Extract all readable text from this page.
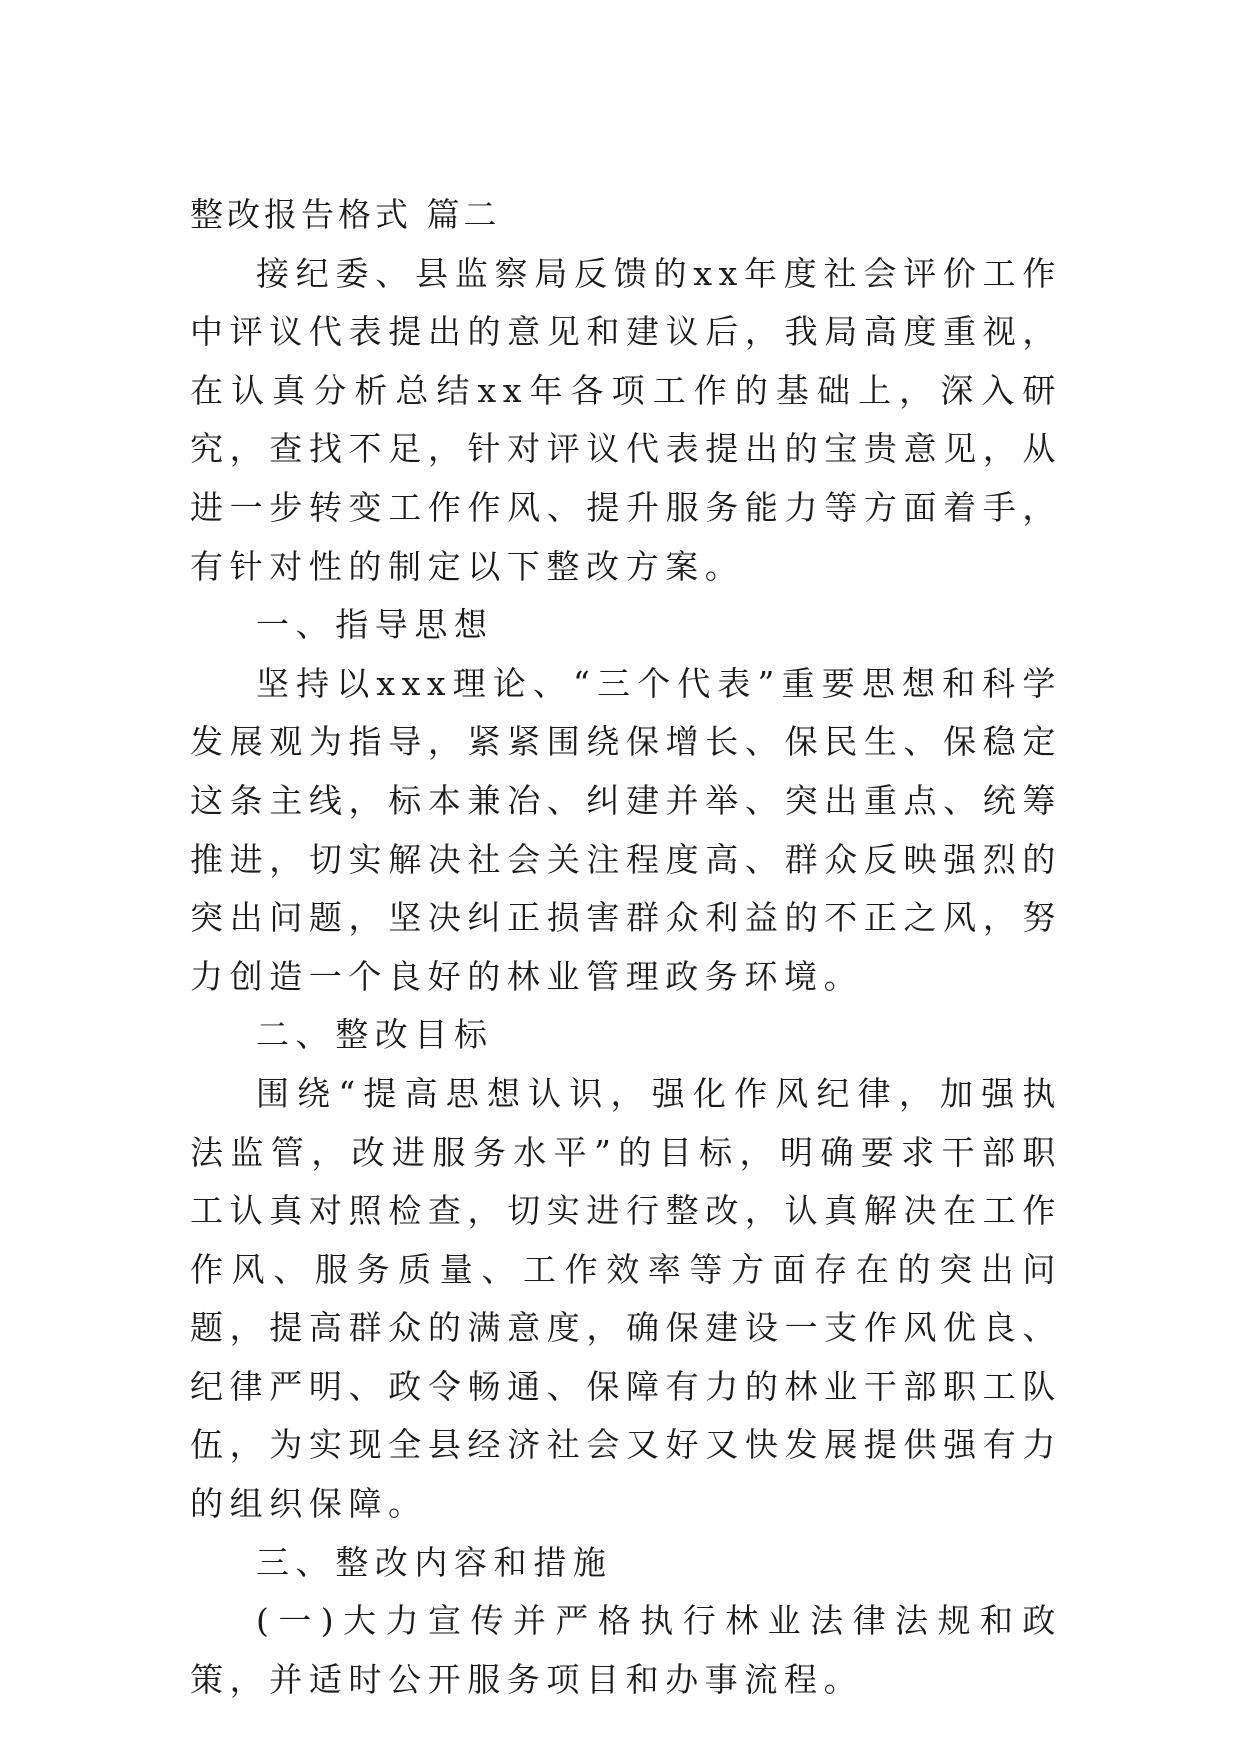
整改报告格式 篇二

接纪委、县监察局反馈的xx年度社会评价工作中评议代表提出的意见和建议后，我局高度重视，在认真分析总结xx年各项工作的基础上，深入研究，查找不足，针对评议代表提出的宝贵意见，从进一步转变工作作风、提升服务能力等方面着手，有针对性的制定以下整改方案。

一、指导思想

坚持以xxx理论、“三个代表”重要思想和科学发展观为指导，紧紧围绕保增长、保民生、保稳定这条主线，标本兼冶、纠建并举、突出重点、统筹推进，切实解决社会关注程度高、群众反映强烈的突出问题，坚决纠正损害群众利益的不正之风，努力创造一个良好的林业管理政务环境。

二、整改目标

围绕“提高思想认识，强化作风纪律，加强执法监管，改进服务水平”的目标，明确要求干部职工认真对照检查，切实进行整改，认真解决在工作作风、服务质量、工作效率等方面存在的突出问题，提高群众的满意度，确保建设一支作风优良、纪律严明、政令畅通、保障有力的林业干部职工队伍，为实现全县经济社会又好又快发展提供强有力的组织保障。

三、整改内容和措施

(一)大力宣传并严格执行林业法律法规和政策，并适时公开服务项目和办事流程。
